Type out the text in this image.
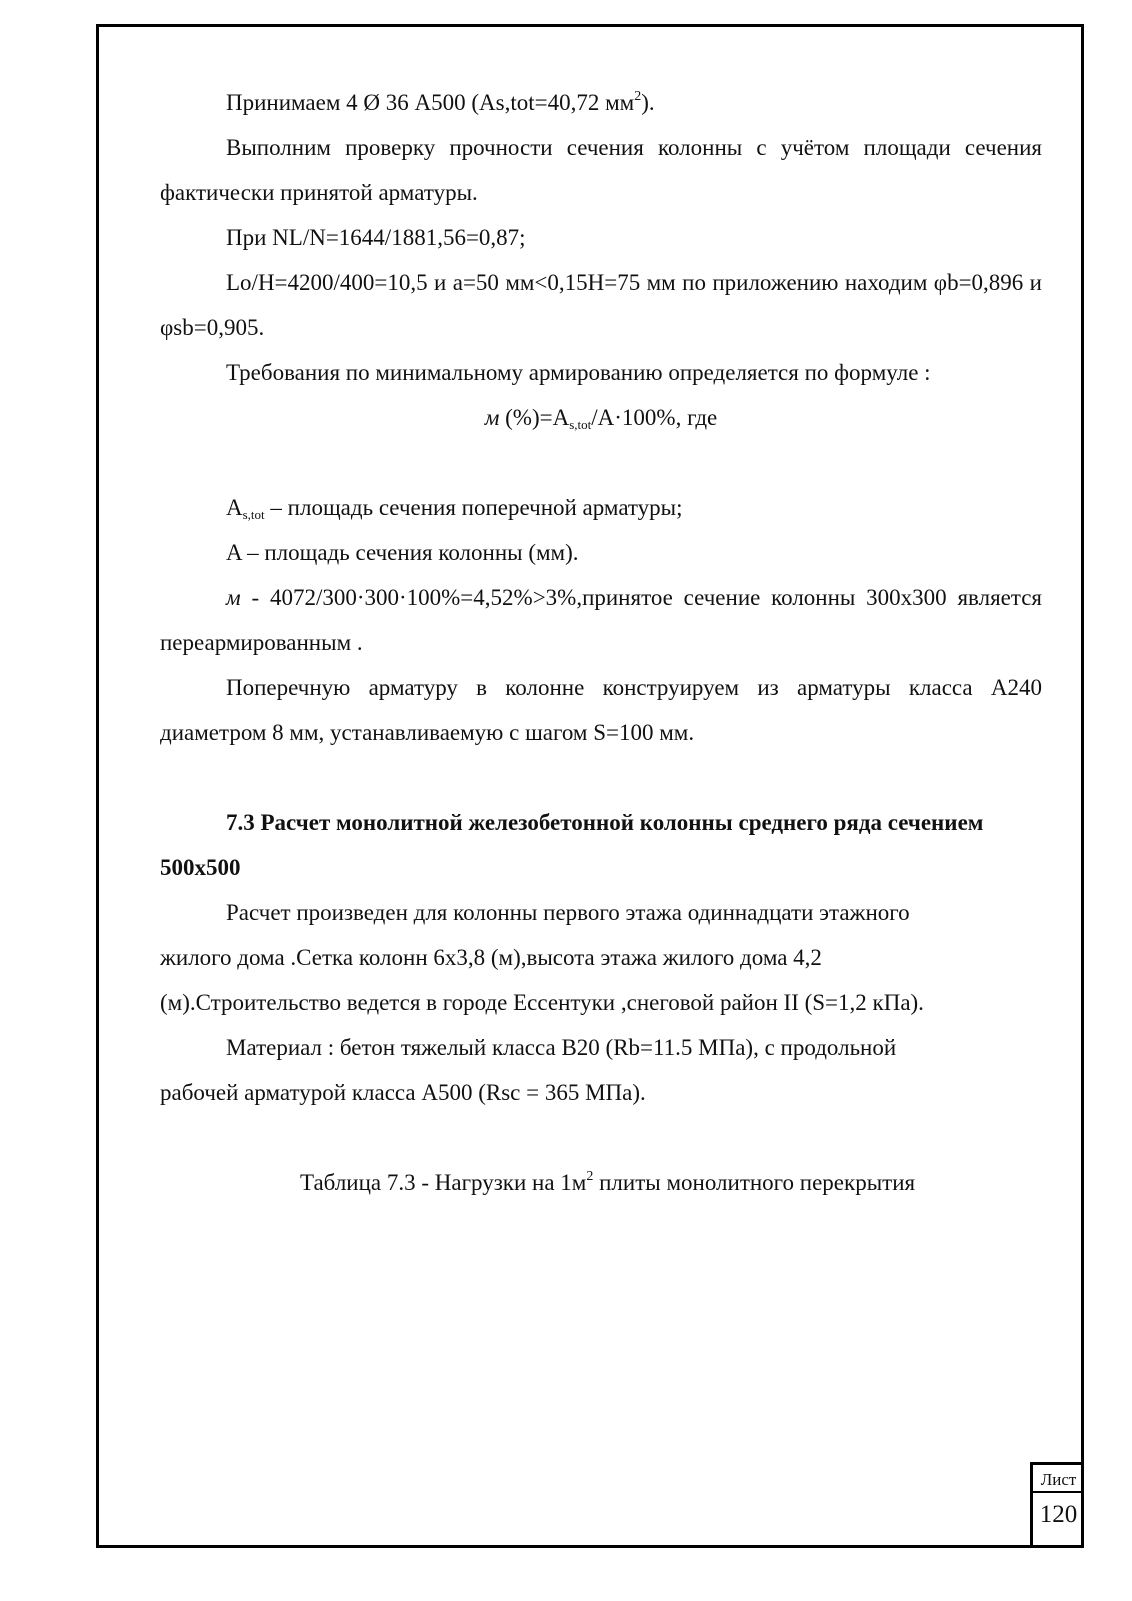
Принимаем 4 Ø 36 А500 (As,tot=40,72 $мм^2$).

Выполним проверку прочности сечения колонны с учётом площади сечения фактически принятой арматуры.

При NL/N=1644/1881,56=0,87;

Lo/H=4200/400=10,5 и а=50 мм<0,15Н=75 мм по приложению находим φb=0,896 и φsb=0,905.

Требования по минимальному армированию определяется по формуле :

м $(\%)=A_{s,tot}/A\cdot 100\%$, где

$A_{s,tot}$ – площадь сечения поперечной арматуры;

A – площадь сечения колонны (мм).

м - 4072/300·300·100%=4,52%>3%,принятое сечение колонны 300х300 является переармированным .

Поперечную арматуру в колонне конструируем из арматуры класса А240 диаметром 8 мм, устанавливаемую с шагом S=100 мм.

7.3 Расчет монолитной железобетонной колонны среднего ряда сечением 500х500

Расчет произведен для колонны первого этажа одиннадцати этажного

жилого дома .Сетка колонн 6х3,8 (м),высота этажа жилого дома 4,2

(м).Строительство ведется в городе Ессентуки ,снеговой район II (S=1,2 кПа).

Материал : бетон тяжелый класса В20 (Rb=11.5 МПа), с продольной

рабочей арматурой класса А500 (Rsc = 365 МПа).

Таблица 7.3 - Нагрузки на $1м^2$ плиты монолитного перекрытия

Лист
120
